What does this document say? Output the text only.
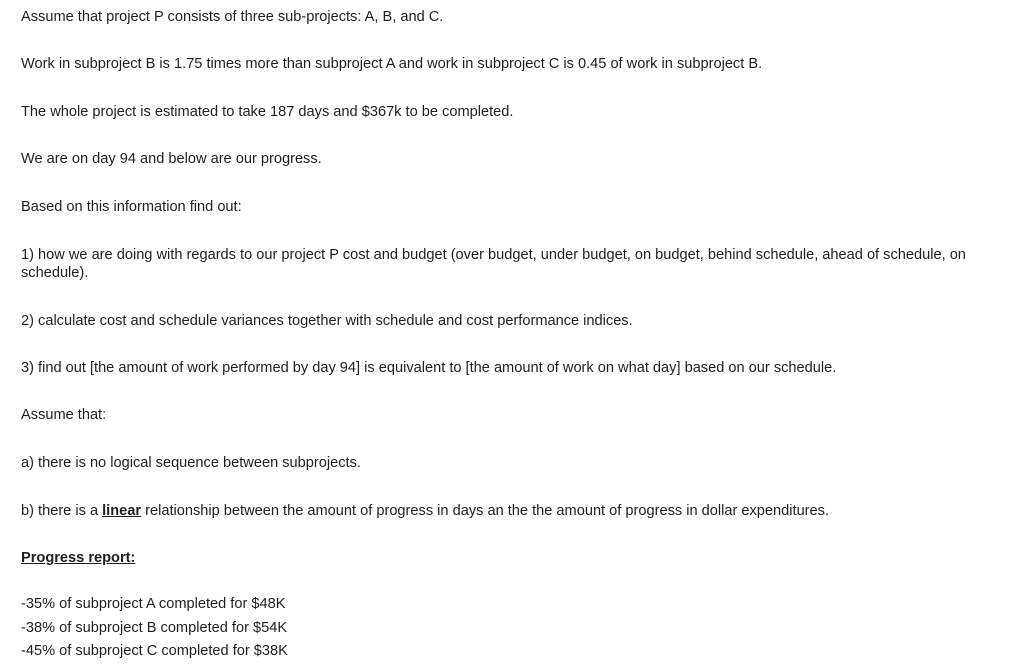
Assume that project P consists of three sub-projects: A, B, and C.

Work in subproject B is 1.75 times more than subproject A and work in subproject C is 0.45 of work in subproject B.

The whole project is estimated to take 187 days and $367k to be completed.

We are on day 94 and below are our progress.

Based on this information find out:

1) how we are doing with regards to our project P cost and budget (over budget, under budget, on budget, behind schedule, ahead of schedule, on schedule).

2) calculate cost and schedule variances together with schedule and cost performance indices.

3) find out [the amount of work performed by day 94] is equivalent to [the amount of work on what day] based on our schedule.

Assume that:

a) there is no logical sequence between subprojects.

b) there is a linear relationship between the amount of progress in days an the the amount of progress in dollar expenditures.

Progress report:

-35% of subproject A completed for $48K

-38% of subproject B completed for $54K

-45% of subproject C completed for $38K
